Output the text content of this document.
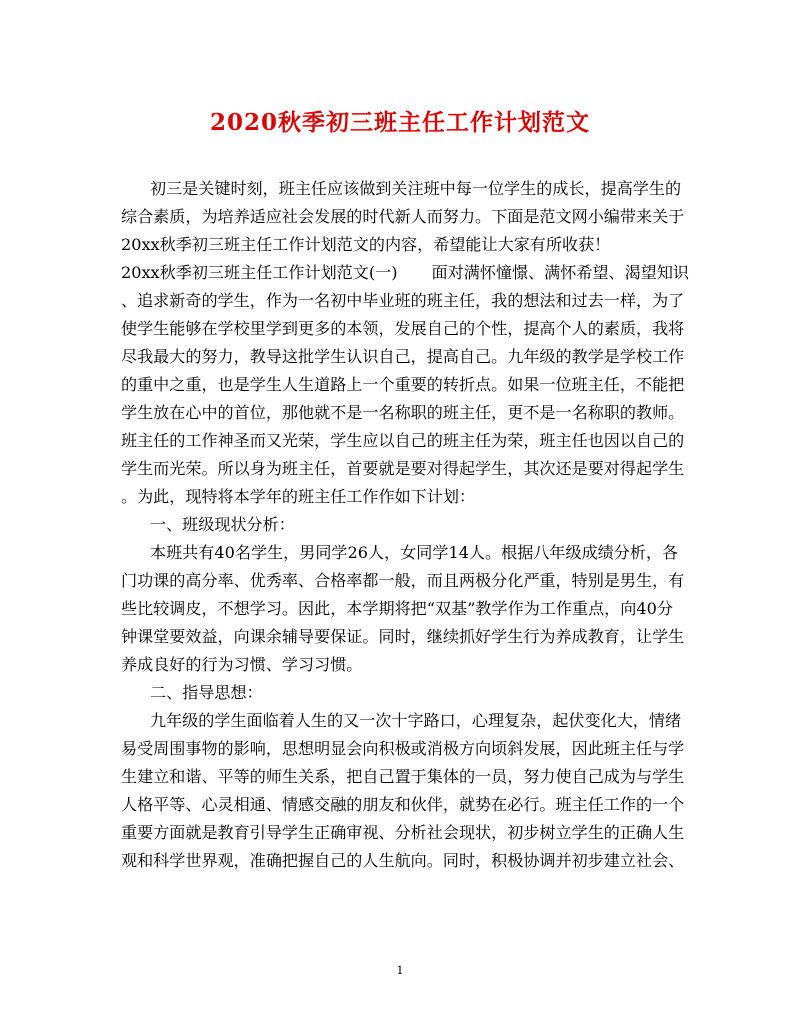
2020秋季初三班主任工作计划范文
初三是关键时刻，班主任应该做到关注班中每一位学生的成长，提高学生的
综合素质，为培养适应社会发展的时代新人而努力。下面是范文网小编带来关于
20xx秋季初三班主任工作计划范文的内容，希望能让大家有所收获！
20xx秋季初三班主任工作计划范文(一) 面对满怀憧憬、满怀希望、渴望知识
、追求新奇的学生，作为一名初中毕业班的班主任，我的想法和过去一样，为了
使学生能够在学校里学到更多的本领，发展自己的个性，提高个人的素质，我将
尽我最大的努力，教导这批学生认识自己，提高自己。九年级的教学是学校工作
的重中之重，也是学生人生道路上一个重要的转折点。如果一位班主任，不能把
学生放在心中的首位，那他就不是一名称职的班主任，更不是一名称职的教师。
班主任的工作神圣而又光荣，学生应以自己的班主任为荣，班主任也因以自己的
学生而光荣。所以身为班主任，首要就是要对得起学生，其次还是要对得起学生
。为此，现特将本学年的班主任工作作如下计划：
一、班级现状分析：
本班共有40名学生，男同学26人，女同学14人。根据八年级成绩分析，各
门功课的高分率、优秀率、合格率都一般，而且两极分化严重，特别是男生，有
些比较调皮，不想学习。因此，本学期将把“双基”教学作为工作重点，向40分
钟课堂要效益，向课余辅导要保证。同时，继续抓好学生行为养成教育，让学生
养成良好的行为习惯、学习习惯。
二、指导思想：
九年级的学生面临着人生的又一次十字路口，心理复杂，起伏变化大，情绪
易受周围事物的影响，思想明显会向积极或消极方向顷斜发展，因此班主任与学
生建立和谐、平等的师生关系，把自己置于集体的一员，努力使自己成为与学生
人格平等、心灵相通、情感交融的朋友和伙伴，就势在必行。班主任工作的一个
重要方面就是教育引导学生正确审视、分析社会现状，初步树立学生的正确人生
观和科学世界观，准确把握自己的人生航向。同时，积极协调并初步建立社会、
1
